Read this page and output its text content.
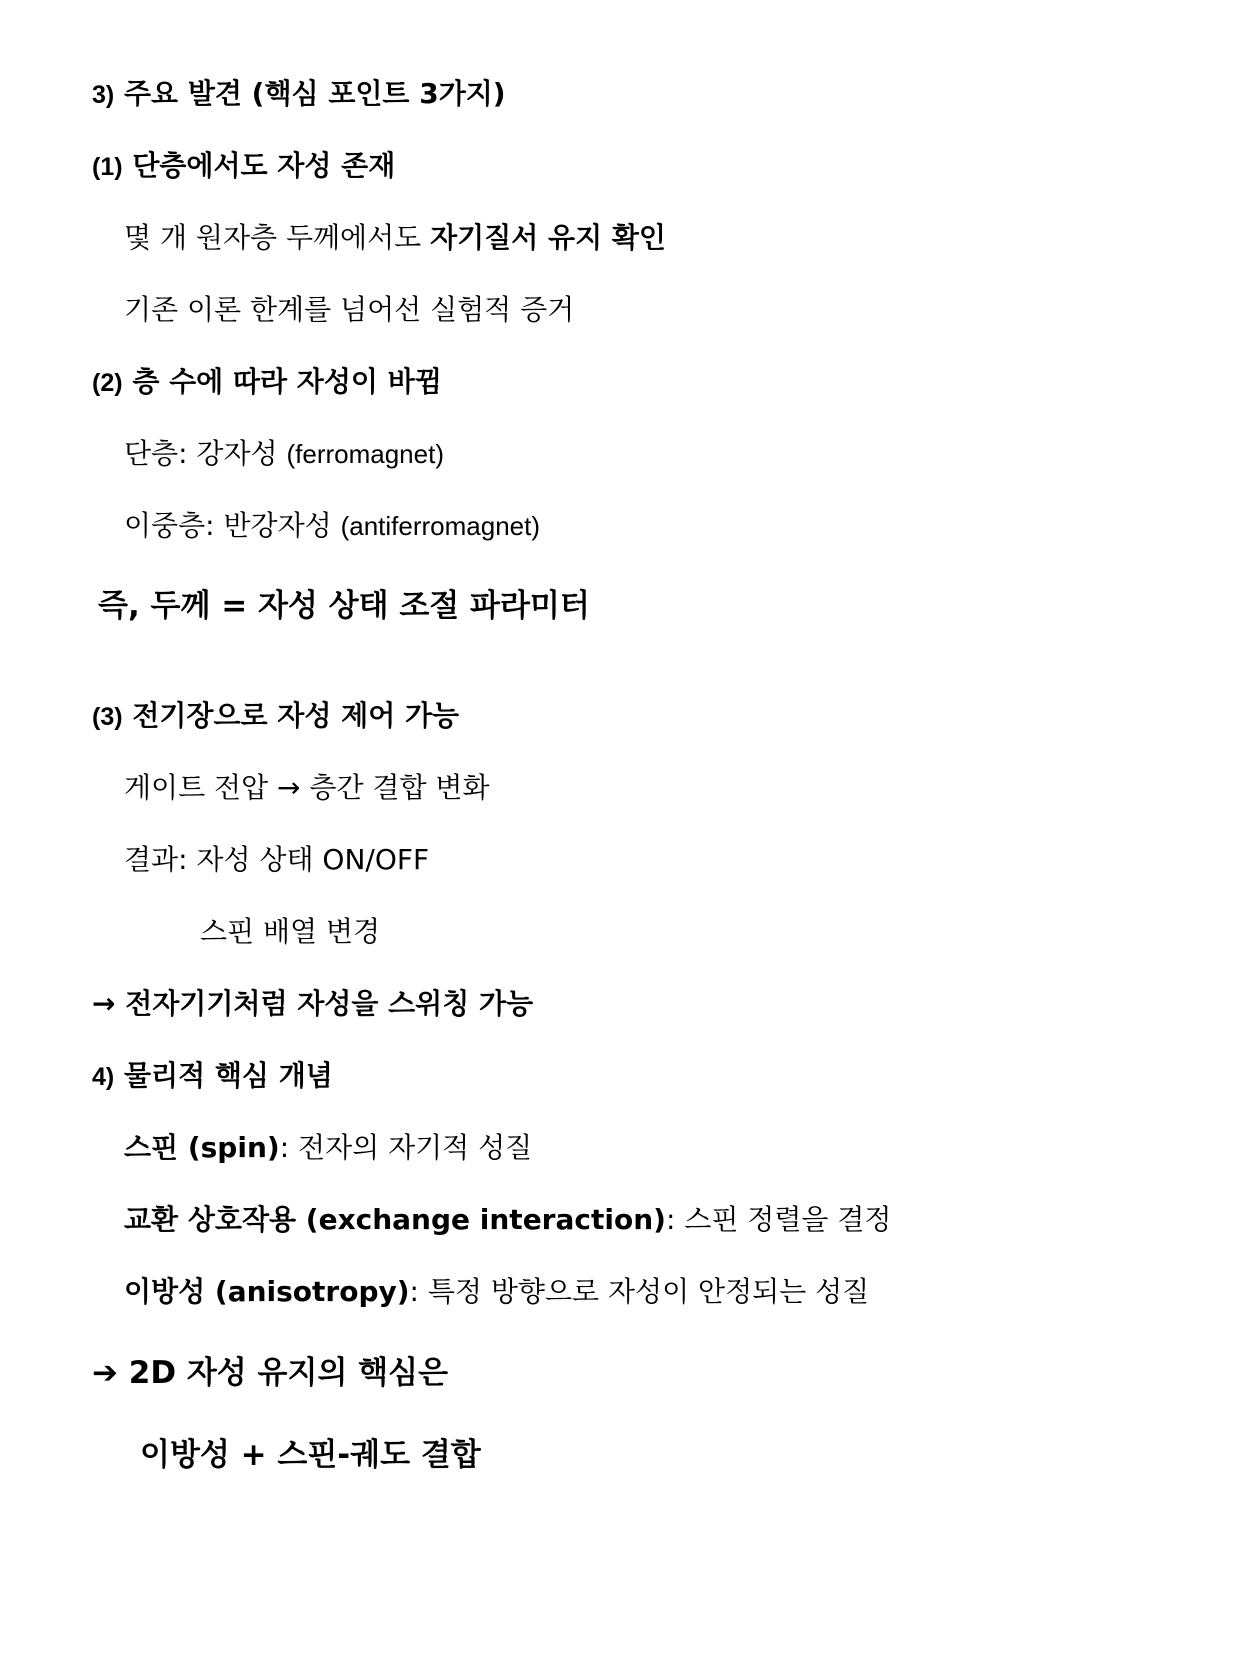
3) 주요 발견 (핵심 포인트 3가지)
(1) 단층에서도 자성 존재
몇 개 원자층 두께에서도 자기질서 유지 확인
기존 이론 한계를 넘어선 실험적 증거
(2) 층 수에 따라 자성이 바뀜
단층: 강자성 (ferromagnet)
이중층: 반강자성 (antiferromagnet)
즉, 두께 = 자성 상태 조절 파라미터
(3) 전기장으로 자성 제어 가능
게이트 전압 → 층간 결합 변화
결과: 자성 상태 ON/OFF
스핀 배열 변경
→ 전자기기처럼 자성을 스위칭 가능
4) 물리적 핵심 개념
스핀 (spin): 전자의 자기적 성질
교환 상호작용 (exchange interaction): 스핀 정렬을 결정
이방성 (anisotropy): 특정 방향으로 자성이 안정되는 성질
➔ 2D 자성 유지의 핵심은
이방성 + 스핀-궤도 결합
